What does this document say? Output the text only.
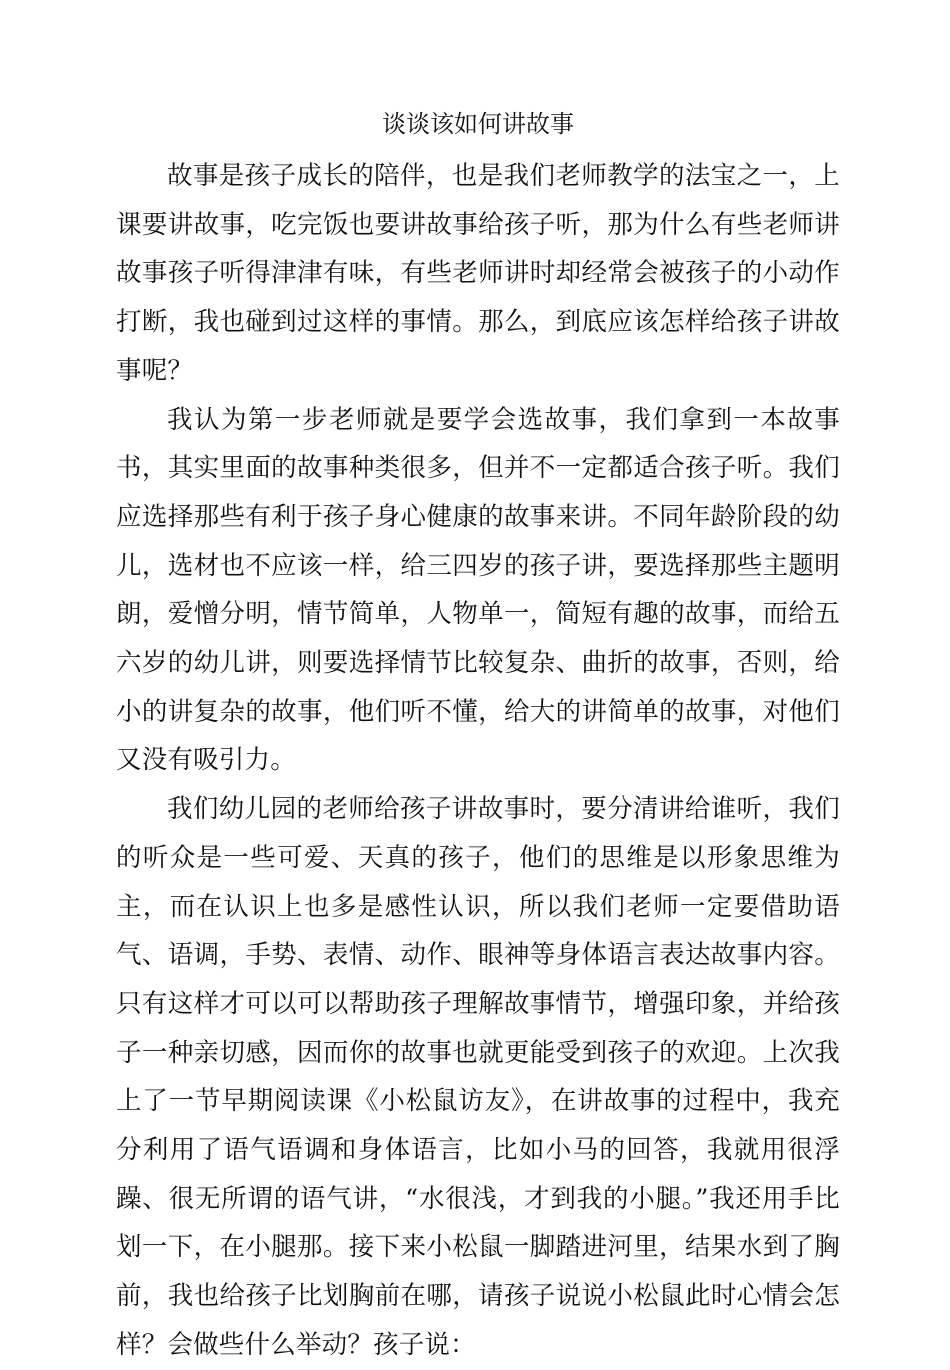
谈谈该如何讲故事

故事是孩子成长的陪伴，也是我们老师教学的法宝之一，上课要讲故事，吃完饭也要讲故事给孩子听，那为什么有些老师讲故事孩子听得津津有味，有些老师讲时却经常会被孩子的小动作打断，我也碰到过这样的事情。那么，到底应该怎样给孩子讲故事呢？

我认为第一步老师就是要学会选故事，我们拿到一本故事书，其实里面的故事种类很多，但并不一定都适合孩子听。我们应选择那些有利于孩子身心健康的故事来讲。不同年龄阶段的幼儿，选材也不应该一样，给三四岁的孩子讲，要选择那些主题明朗，爱憎分明，情节简单，人物单一，简短有趣的故事，而给五六岁的幼儿讲，则要选择情节比较复杂、曲折的故事，否则，给小的讲复杂的故事，他们听不懂，给大的讲简单的故事，对他们又没有吸引力。

我们幼儿园的老师给孩子讲故事时，要分清讲给谁听，我们的听众是一些可爱、天真的孩子，他们的思维是以形象思维为主，而在认识上也多是感性认识，所以我们老师一定要借助语气、语调，手势、表情、动作、眼神等身体语言表达故事内容。只有这样才可以可以帮助孩子理解故事情节，增强印象，并给孩子一种亲切感，因而你的故事也就更能受到孩子的欢迎。上次我上了一节早期阅读课《小松鼠访友》，在讲故事的过程中，我充分利用了语气语调和身体语言，比如小马的回答，我就用很浮躁、很无所谓的语气讲，“水很浅，才到我的小腿。”我还用手比划一下，在小腿那。接下来小松鼠一脚踏进河里，结果水到了胸前，我也给孩子比划胸前在哪，请孩子说说小松鼠此时心情会怎样？会做些什么举动？孩子说：
